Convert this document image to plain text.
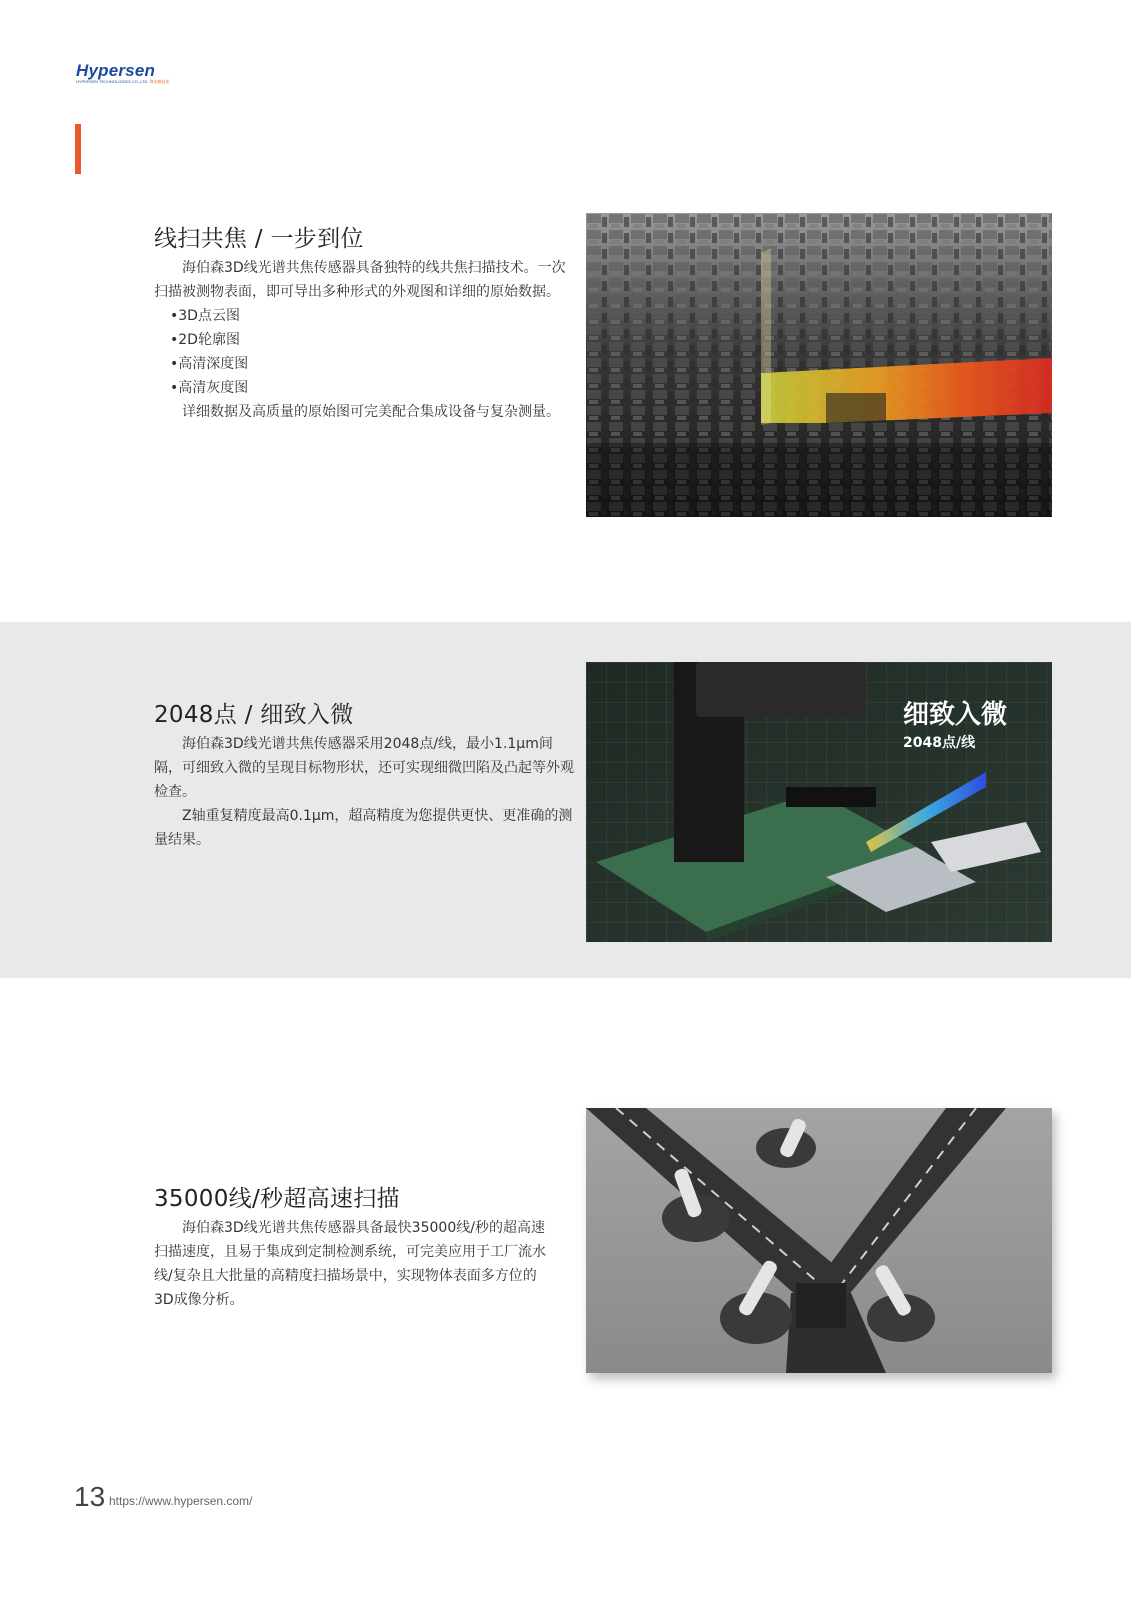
Hypersen
HYPERSEN TECHNOLOGIES CO.,LTD. 海伯森技术
线扫共焦 / 一步到位

海伯森3D线光谱共焦传感器具备独特的线共焦扫描技术。一次扫描被测物表面，即可导出多种形式的外观图和详细的原始数据。

• 3D点云图
• 2D轮廓图
• 高清深度图
• 高清灰度图

详细数据及高质量的原始图可完美配合集成设备与复杂测量。

2048点 / 细致入微

海伯森3D线光谱共焦传感器采用2048点/线，最小1.1μm间隔，可细致入微的呈现目标物形状，还可实现细微凹陷及凸起等外观检查。

Z轴重复精度最高0.1μm，超高精度为您提供更快、更准确的测量结果。

细致入微
2048点/线
35000线/秒超高速扫描

海伯森3D线光谱共焦传感器具备最快35000线/秒的超高速扫描速度，且易于集成到定制检测系统，可完美应用于工厂流水线/复杂且大批量的高精度扫描场景中，实现物体表面多方位的3D成像分析。

13 https://www.hypersen.com/
